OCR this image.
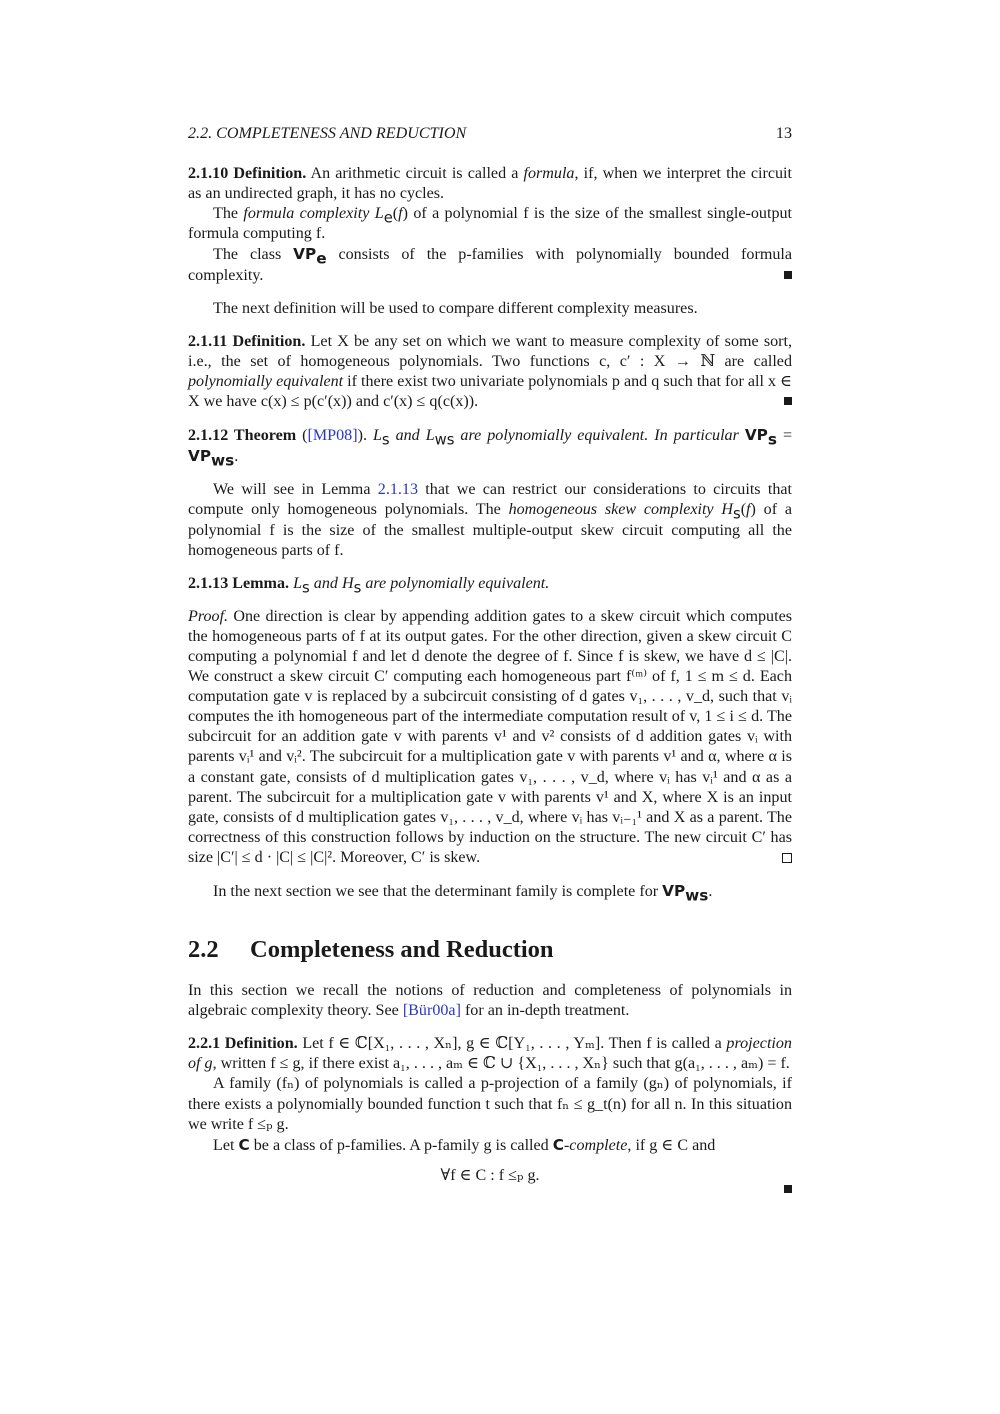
2.2. COMPLETENESS AND REDUCTION	13

2.1.10 Definition. An arithmetic circuit is called a formula, if, when we interpret the circuit as an undirected graph, it has no cycles.

The formula complexity $L_e(f)$ of a polynomial f is the size of the smallest single-output formula computing f.

The class $VP_e$ consists of the p-families with polynomially bounded formula complexity.

The next definition will be used to compare different complexity measures.

2.1.11 Definition. Let X be any set on which we want to measure complexity of some sort, i.e., the set of homogeneous polynomials. Two functions c, c′ : X → ℕ are called polynomially equivalent if there exist two univariate polynomials p and q such that for all x ∈ X we have c(x) ≤ p(c′(x)) and c′(x) ≤ q(c(x)).

2.1.12 Theorem ([MP08]). $L_s$ and $L_{ws}$ are polynomially equivalent. In particular $VP_s = VP_{ws}$.

We will see in Lemma 2.1.13 that we can restrict our considerations to circuits that compute only homogeneous polynomials. The homogeneous skew complexity $H_s(f)$ of a polynomial f is the size of the smallest multiple-output skew circuit computing all the homogeneous parts of f.

2.1.13 Lemma. $L_s$ and $H_s$ are polynomially equivalent.

Proof. One direction is clear by appending addition gates to a skew circuit which computes the homogeneous parts of f at its output gates. For the other direction, given a skew circuit C computing a polynomial f and let d denote the degree of f. Since f is skew, we have d ≤ |C|. We construct a skew circuit C′ computing each homogeneous part f⁽ᵐ⁾ of f, 1 ≤ m ≤ d. Each computation gate v is replaced by a subcircuit consisting of d gates v₁, . . . , v_d, such that vᵢ computes the ith homogeneous part of the intermediate computation result of v, 1 ≤ i ≤ d. The subcircuit for an addition gate v with parents v¹ and v² consists of d addition gates vᵢ with parents vᵢ¹ and vᵢ². The subcircuit for a multiplication gate v with parents v¹ and α, where α is a constant gate, consists of d multiplication gates v₁, . . . , v_d, where vᵢ has vᵢ¹ and α as a parent. The subcircuit for a multiplication gate v with parents v¹ and X, where X is an input gate, consists of d multiplication gates v₁, . . . , v_d, where vᵢ has vᵢ₋₁¹ and X as a parent. The correctness of this construction follows by induction on the structure. The new circuit C′ has size |C′| ≤ d · |C| ≤ |C|². Moreover, C′ is skew.

In the next section we see that the determinant family is complete for $VP_{ws}$.

2.2 Completeness and Reduction

In this section we recall the notions of reduction and completeness of polynomials in algebraic complexity theory. See [Bür00a] for an in-depth treatment.

2.2.1 Definition. Let f ∈ ℂ[X₁, . . . , Xₙ], g ∈ ℂ[Y₁, . . . , Yₘ]. Then f is called a projection of g, written f ≤ g, if there exist a₁, . . . , aₘ ∈ ℂ ∪ {X₁, . . . , Xₙ} such that g(a₁, . . . , aₘ) = f.

A family (fₙ) of polynomials is called a p-projection of a family (gₙ) of polynomials, if there exists a polynomially bounded function t such that fₙ ≤ g_t(n) for all n. In this situation we write f ≤ₚ g.

Let C be a class of p-families. A p-family g is called C-complete, if g ∈ C and

∀f ∈ C : f ≤ₚ g.
